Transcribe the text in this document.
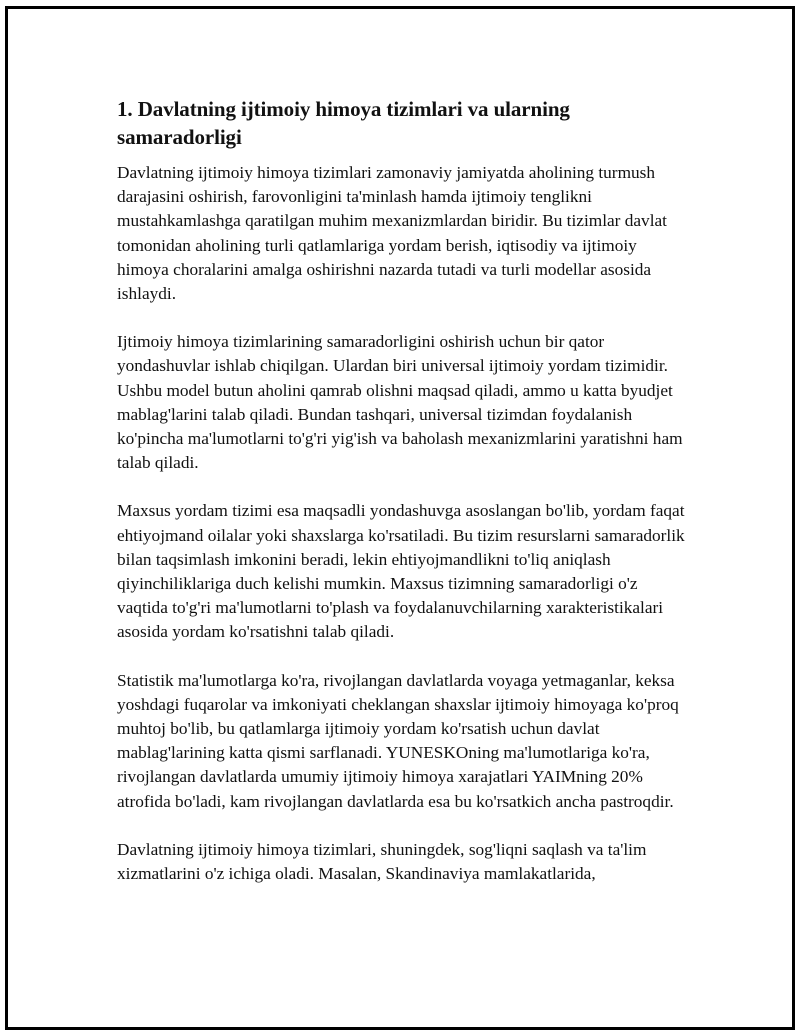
1. Davlatning ijtimoiy himoya tizimlari va ularning samaradorligi

Davlatning ijtimoiy himoya tizimlari zamonaviy jamiyatda aholining turmush darajasini oshirish, farovonligini ta'minlash hamda ijtimoiy tenglikni mustahkamlashga qaratilgan muhim mexanizmlardan biridir. Bu tizimlar davlat tomonidan aholining turli qatlamlariga yordam berish, iqtisodiy va ijtimoiy himoya choralarini amalga oshirishni nazarda tutadi va turli modellar asosida ishlaydi.

Ijtimoiy himoya tizimlarining samaradorligini oshirish uchun bir qator yondashuvlar ishlab chiqilgan. Ulardan biri universal ijtimoiy yordam tizimidir. Ushbu model butun aholini qamrab olishni maqsad qiladi, ammo u katta byudjet mablag'larini talab qiladi. Bundan tashqari, universal tizimdan foydalanish ko'pincha ma'lumotlarni to'g'ri yig'ish va baholash mexanizmlarini yaratishni ham talab qiladi.

Maxsus yordam tizimi esa maqsadli yondashuvga asoslangan bo'lib, yordam faqat ehtiyojmand oilalar yoki shaxslarga ko'rsatiladi. Bu tizim resurslarni samaradorlik bilan taqsimlash imkonini beradi, lekin ehtiyojmandlikni to'liq aniqlash qiyinchiliklariga duch kelishi mumkin. Maxsus tizimning samaradorligi o'z vaqtida to'g'ri ma'lumotlarni to'plash va foydalanuvchilarning xarakteristikalari asosida yordam ko'rsatishni talab qiladi.

Statistik ma'lumotlarga ko'ra, rivojlangan davlatlarda voyaga yetmaganlar, keksa yoshdagi fuqarolar va imkoniyati cheklangan shaxslar ijtimoiy himoyaga ko'proq muhtoj bo'lib, bu qatlamlarga ijtimoiy yordam ko'rsatish uchun davlat mablag'larining katta qismi sarflanadi. YUNESKOning ma'lumotlariga ko'ra, rivojlangan davlatlarda umumiy ijtimoiy himoya xarajatlari YAIMning 20% atrofida bo'ladi, kam rivojlangan davlatlarda esa bu ko'rsatkich ancha pastroqdir.

Davlatning ijtimoiy himoya tizimlari, shuningdek, sog'liqni saqlash va ta'lim xizmatlarini o'z ichiga oladi. Masalan, Skandinaviya mamlakatlarida,
